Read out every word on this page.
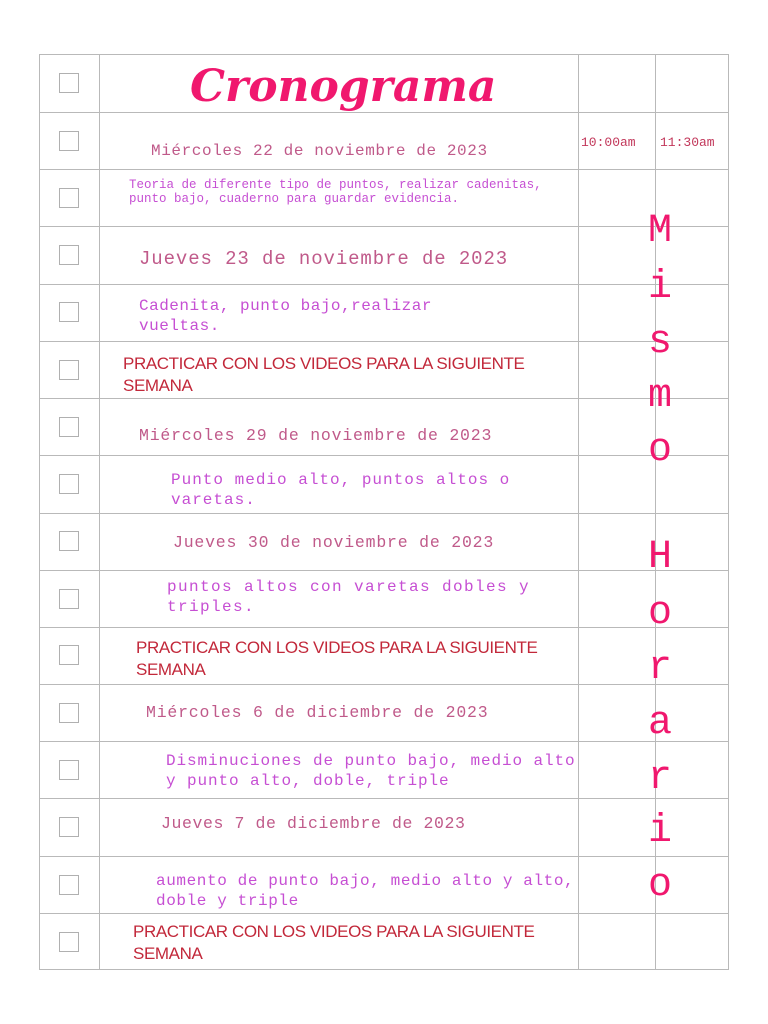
Cronograma
10:00am 11:30am
Miércoles 22 de noviembre de 2023
Teoria de diferente tipo de puntos, realizar cadenitas, punto bajo, cuaderno para guardar evidencia.
Jueves 23 de noviembre de 2023
Cadenita, punto bajo,realizar vueltas.
PRACTICAR CON LOS VIDEOS PARA LA SIGUIENTE SEMANA
Miércoles 29 de noviembre de 2023
Punto medio alto, puntos altos o varetas.
Jueves 30 de noviembre de 2023
puntos altos con varetas dobles y triples.
PRACTICAR CON LOS VIDEOS PARA LA SIGUIENTE SEMANA
Miércoles 6 de diciembre de 2023
Disminuciones de punto bajo, medio alto y punto alto, doble, triple
Jueves 7 de diciembre de 2023
aumento de punto bajo, medio alto y alto, doble y triple
PRACTICAR CON LOS VIDEOS PARA LA SIGUIENTE SEMANA
M
i
s
m
o
H
o
r
a
r
i
o
